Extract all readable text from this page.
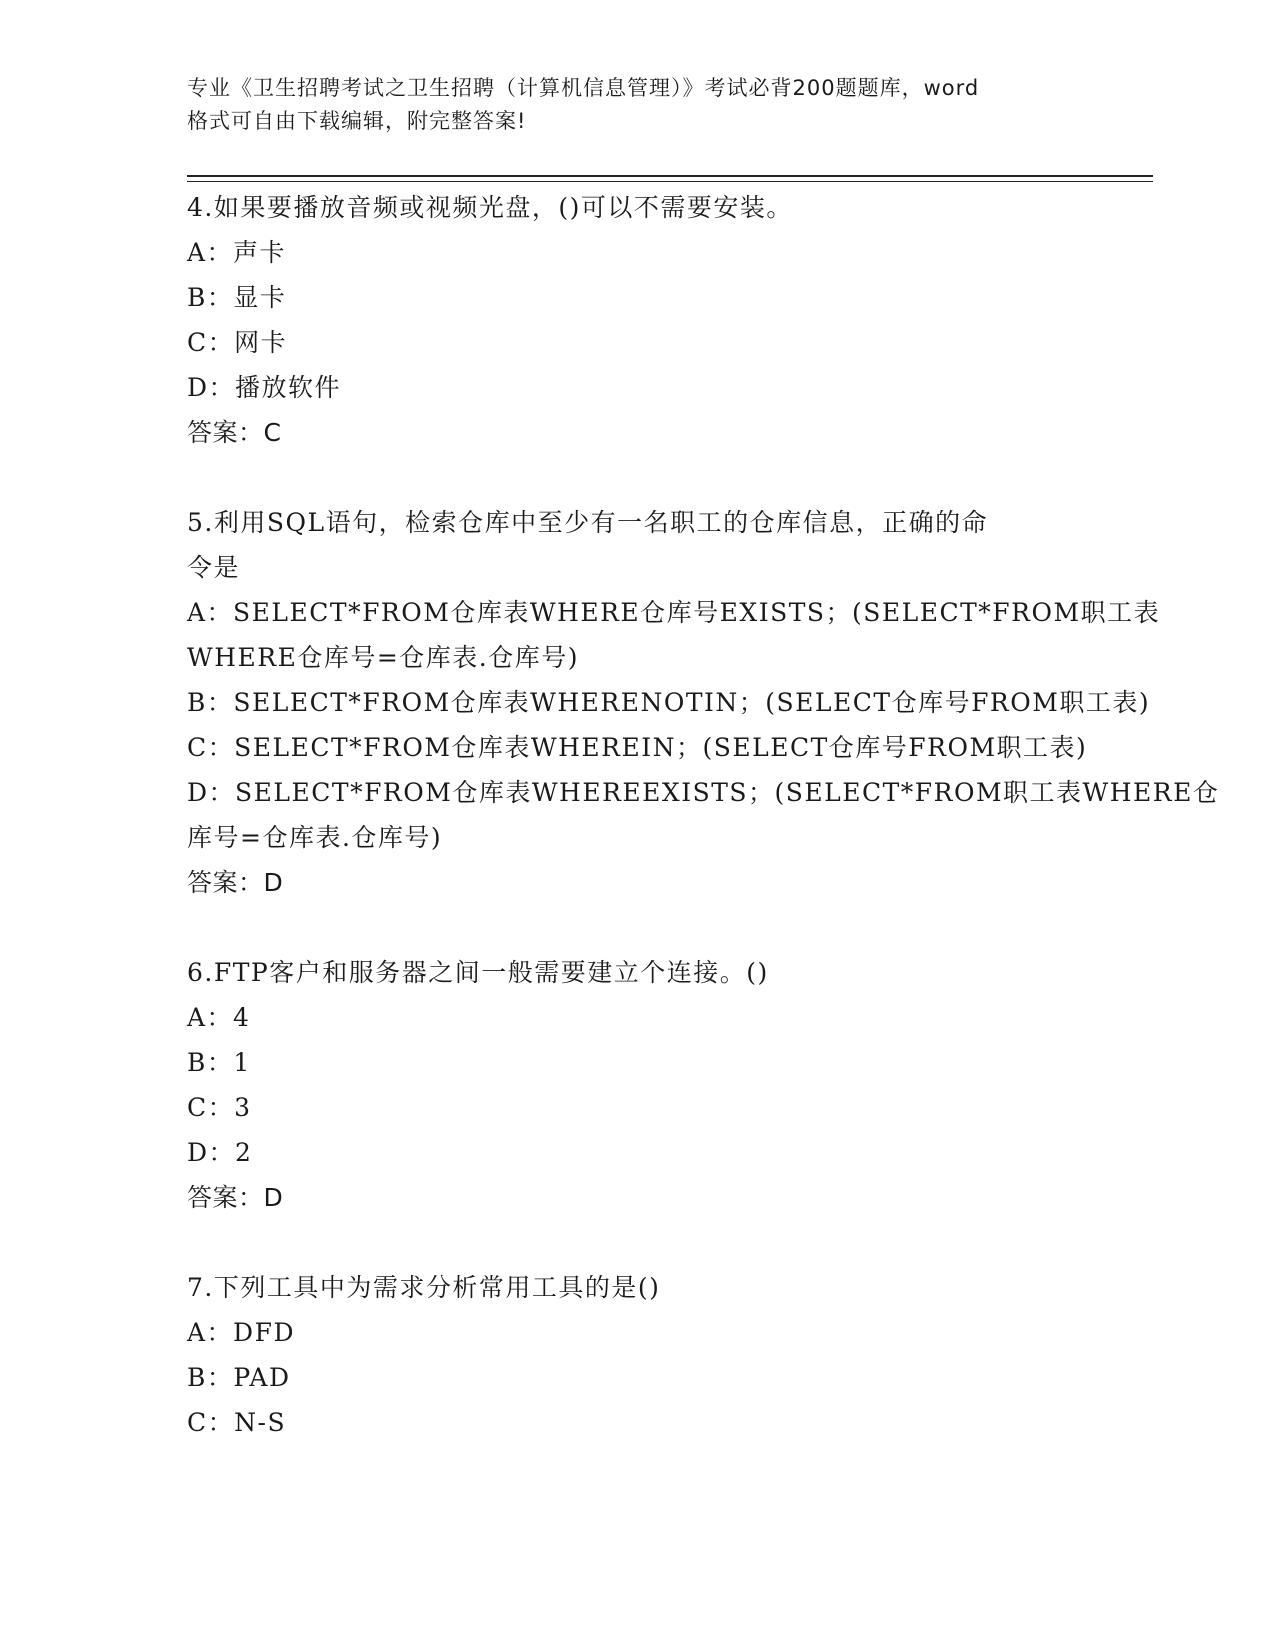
专业《卫生招聘考试之卫生招聘（计算机信息管理）》考试必背200题题库，word
格式可自由下载编辑，附完整答案!
4.如果要播放音频或视频光盘，()可以不需要安装。
A：声卡
B：显卡
C：网卡
D：播放软件
答案：C
5.利用SQL语句，检索仓库中至少有一名职工的仓库信息，正确的命
令是
A：SELECT*FROM仓库表WHERE仓库号EXISTS；(SELECT*FROM职工表
WHERE仓库号=仓库表.仓库号)
B：SELECT*FROM仓库表WHERENOTIN；(SELECT仓库号FROM职工表)
C：SELECT*FROM仓库表WHEREIN；(SELECT仓库号FROM职工表)
D：SELECT*FROM仓库表WHEREEXISTS；(SELECT*FROM职工表WHERE仓
库号=仓库表.仓库号)
答案：D
6.FTP客户和服务器之间一般需要建立个连接。()
A：4
B：1
C：3
D：2
答案：D
7.下列工具中为需求分析常用工具的是()
A：DFD
B：PAD
C：N-S
